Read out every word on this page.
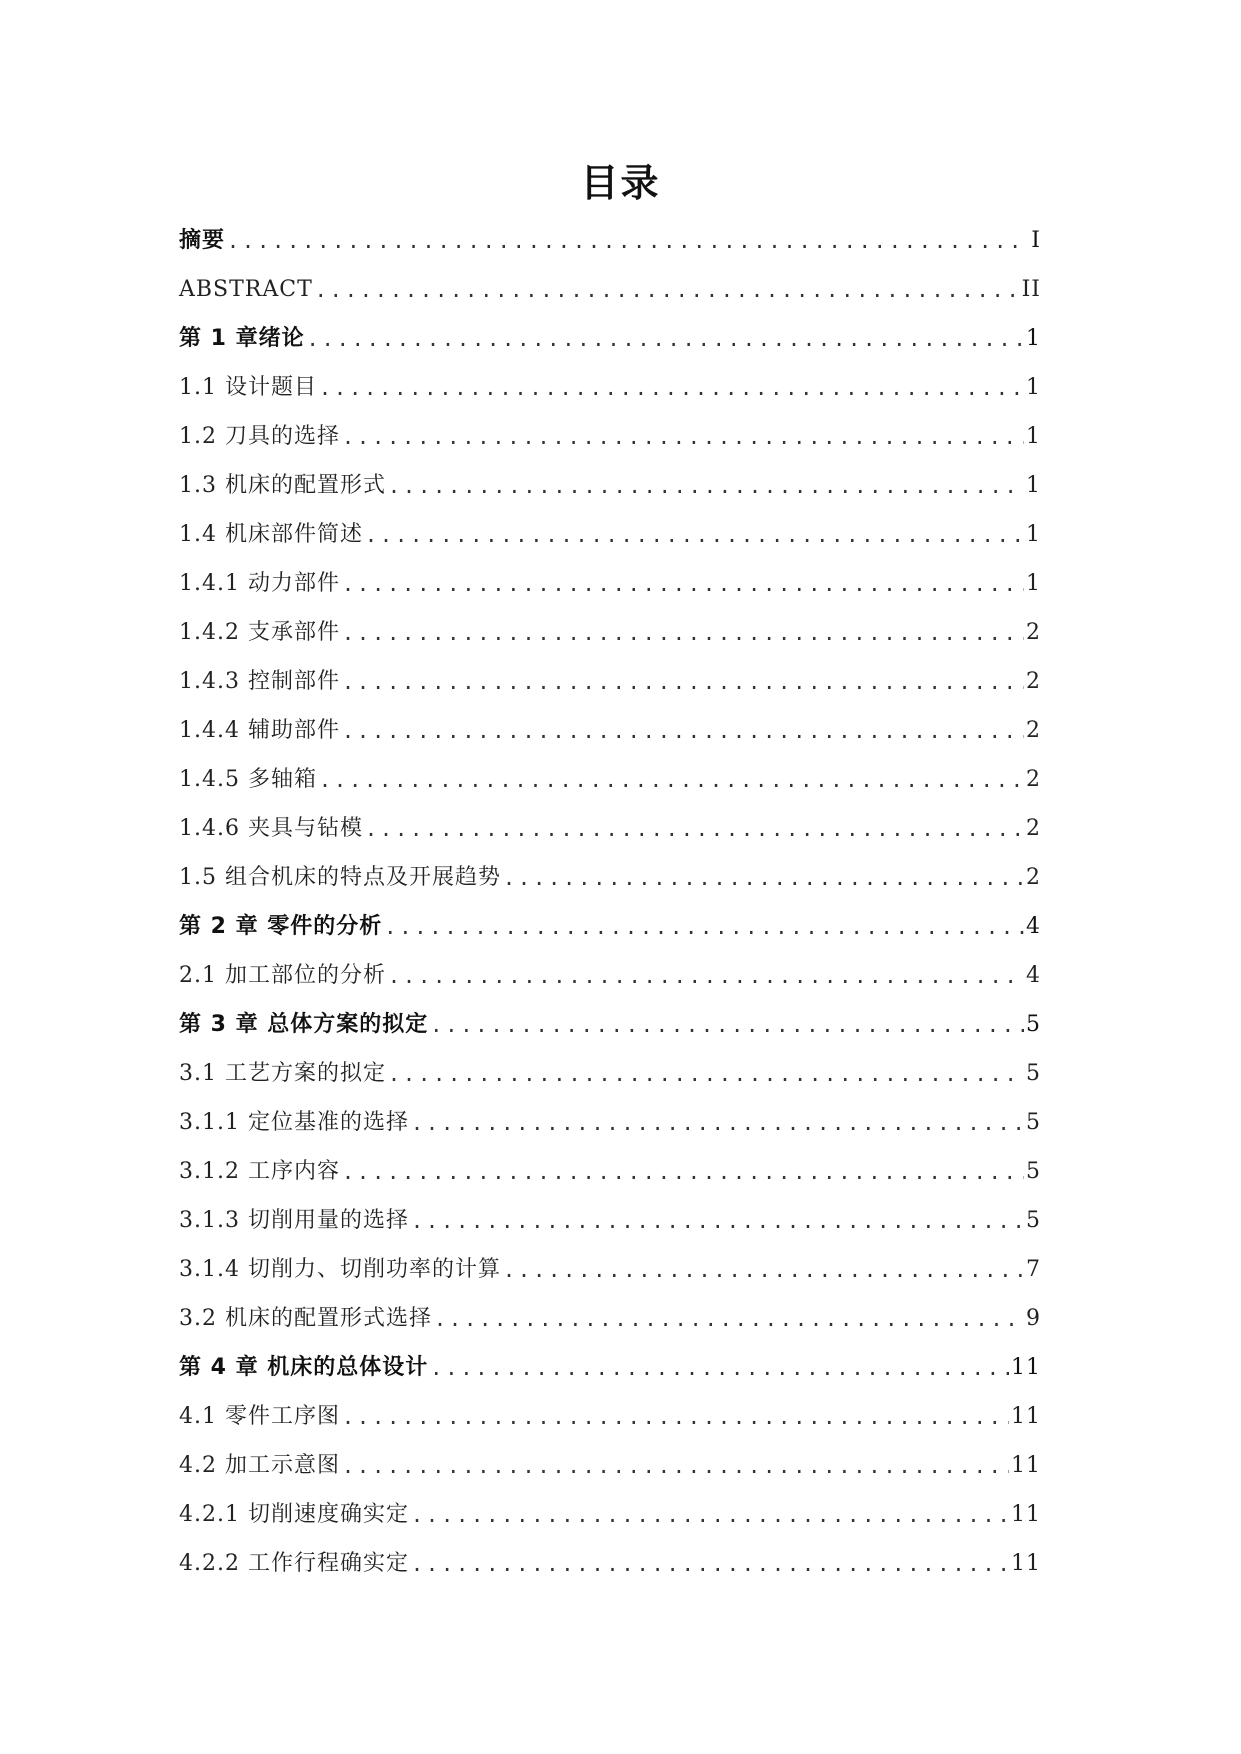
目录
摘要 .....	I
ABSTRACT .....	II
第 1 章绪论 .....	1
1.1 设计题目 .....	1
1.2 刀具的选择 .....	1
1.3 机床的配置形式 .....	1
1.4 机床部件简述 .....	1
1.4.1 动力部件 .....	1
1.4.2 支承部件 .....	2
1.4.3 控制部件 .....	2
1.4.4 辅助部件 .....	2
1.4.5 多轴箱 .....	2
1.4.6 夹具与钻模 .....	2
1.5 组合机床的特点及开展趋势 .....	2
第 2 章 零件的分析 .....	4
2.1 加工部位的分析 .....	4
第 3 章 总体方案的拟定 .....	5
3.1 工艺方案的拟定 .....	5
3.1.1 定位基准的选择 .....	5
3.1.2 工序内容 .....	5
3.1.3 切削用量的选择 .....	5
3.1.4 切削力、切削功率的计算 .....	7
3.2 机床的配置形式选择 .....	9
第 4 章 机床的总体设计 .....	11
4.1 零件工序图 .....	11
4.2 加工示意图 .....	11
4.2.1 切削速度确实定 .....	11
4.2.2 工作行程确实定 .....	11
